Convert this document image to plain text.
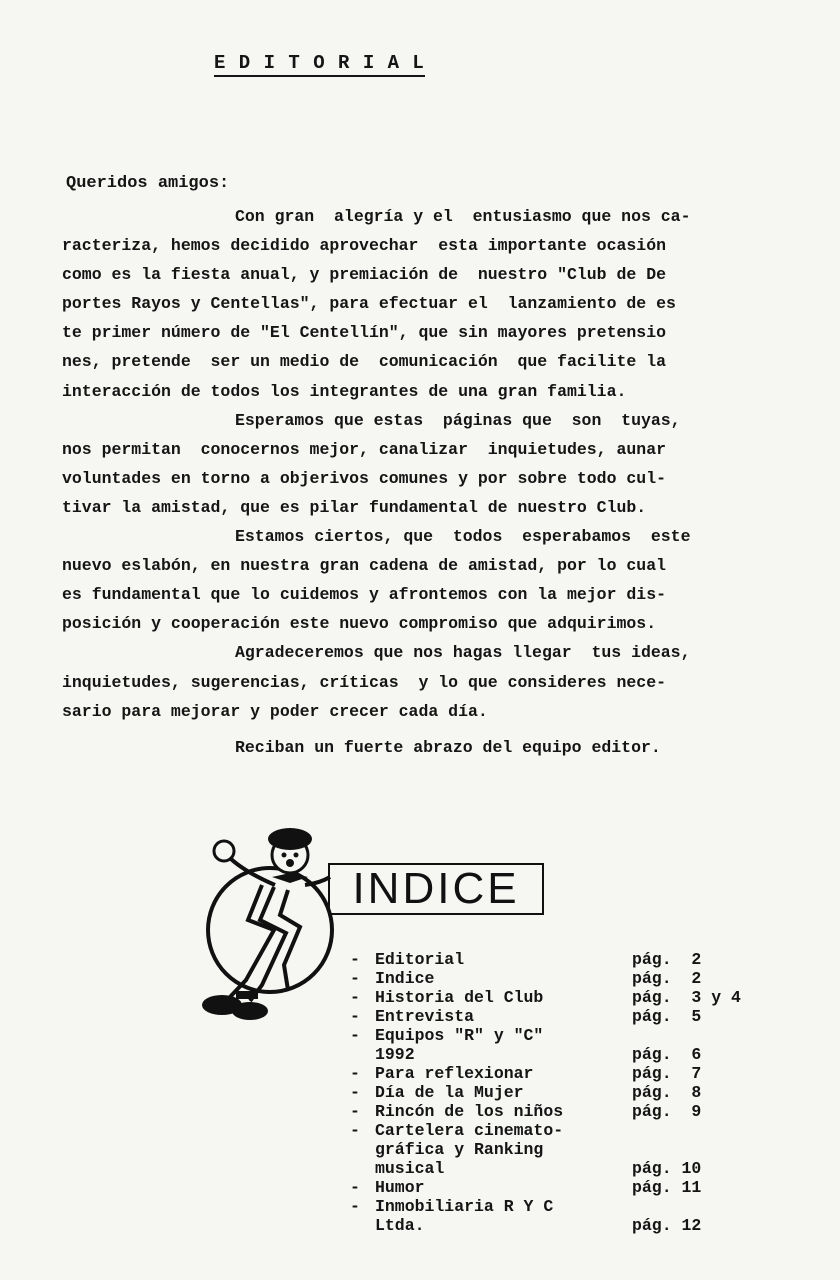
E D I T O R I A L
Queridos amigos:
Con gran  alegría y el  entusiasmo que nos ca-
racteriza, hemos decidido aprovechar  esta importante ocasión
como es la fiesta anual, y premiación de  nuestro "Club de De
portes Rayos y Centellas", para efectuar el  lanzamiento de es
te primer número de "El Centellín", que sin mayores pretensio
nes, pretende  ser un medio de  comunicación  que facilite la
interacción de todos los integrantes de una gran familia.
Esperamos que estas  páginas que  son  tuyas,
nos permitan  conocernos mejor, canalizar  inquietudes, aunar
voluntades en torno a objerivos comunes y por sobre todo cul-
tivar la amistad, que es pilar fundamental de nuestro Club.
Estamos ciertos, que  todos  esperabamos  este
nuevo eslabón, en nuestra gran cadena de amistad, por lo cual
es fundamental que lo cuidemos y afrontemos con la mejor dis-
posición y cooperación este nuevo compromiso que adquirimos.
Agradeceremos que nos hagas llegar  tus ideas,
inquietudes, sugerencias, críticas  y lo que consideres nece-
sario para mejorar y poder crecer cada día.
Reciban un fuerte abrazo del equipo editor.
INDICE
- Editorial	pág.  2
- Indice	pág.  2
- Historia del Club	pág.  3 y 4
- Entrevista	pág.  5
- Equipos "R" y "C" 1992	pág.  6
- Para reflexionar	pág.  7
- Día de la Mujer	pág.  8
- Rincón de los niños	pág.  9
- Cartelera cinemato- gráfica y Ranking musical	pág. 10
- Humor	pág. 11
- Inmobiliaria R Y C Ltda.	pág. 12
